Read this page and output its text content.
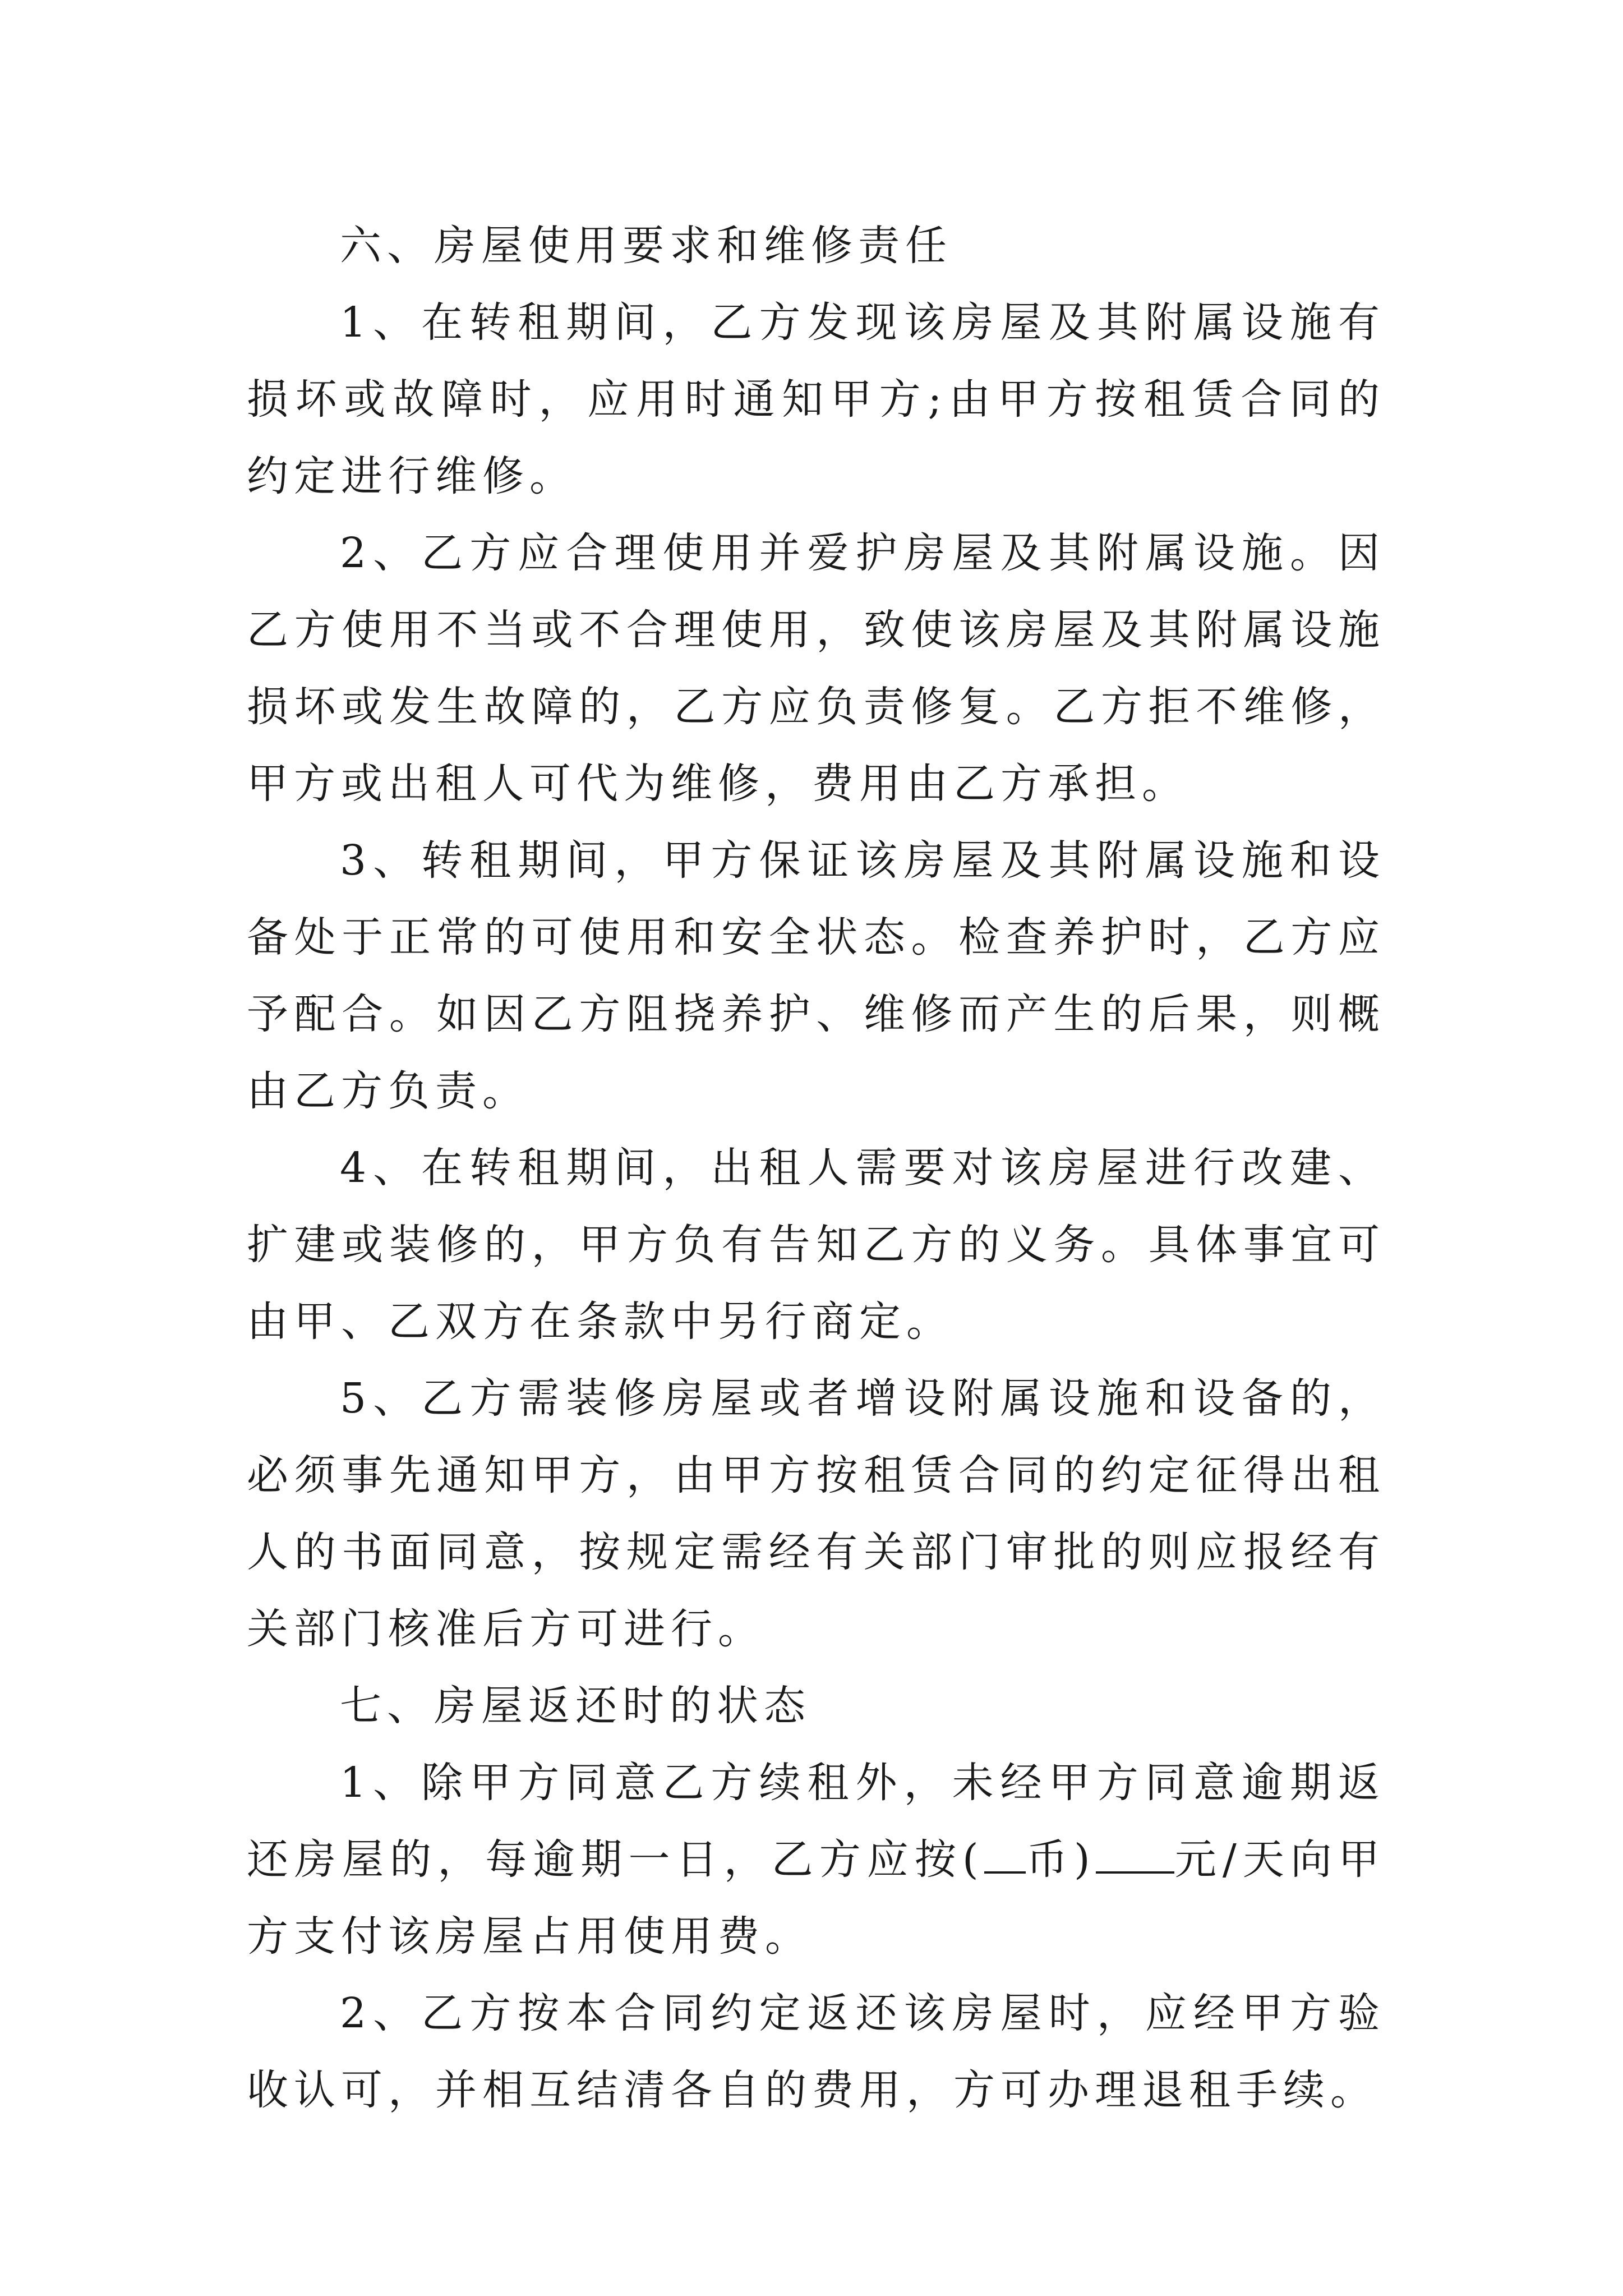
六、房屋使用要求和维修责任

1、在转租期间，乙方发现该房屋及其附属设施有损坏或故障时，应用时通知甲方;由甲方按租赁合同的约定进行维修。

2、乙方应合理使用并爱护房屋及其附属设施。因乙方使用不当或不合理使用，致使该房屋及其附属设施损坏或发生故障的，乙方应负责修复。乙方拒不维修，甲方或出租人可代为维修，费用由乙方承担。

3、转租期间，甲方保证该房屋及其附属设施和设备处于正常的可使用和安全状态。检查养护时，乙方应予配合。如因乙方阻挠养护、维修而产生的后果，则概由乙方负责。

4、在转租期间，出租人需要对该房屋进行改建、扩建或装修的，甲方负有告知乙方的义务。具体事宜可由甲、乙双方在条款中另行商定。

5、乙方需装修房屋或者增设附属设施和设备的，必须事先通知甲方，由甲方按租赁合同的约定征得出租人的书面同意，按规定需经有关部门审批的则应报经有关部门核准后方可进行。

七、房屋返还时的状态

1、除甲方同意乙方续租外，未经甲方同意逾期返还房屋的，每逾期一日，乙方应按( 币) 元/天向甲方支付该房屋占用使用费。

2、乙方按本合同约定返还该房屋时，应经甲方验收认可，并相互结清各自的费用，方可办理退租手续。
